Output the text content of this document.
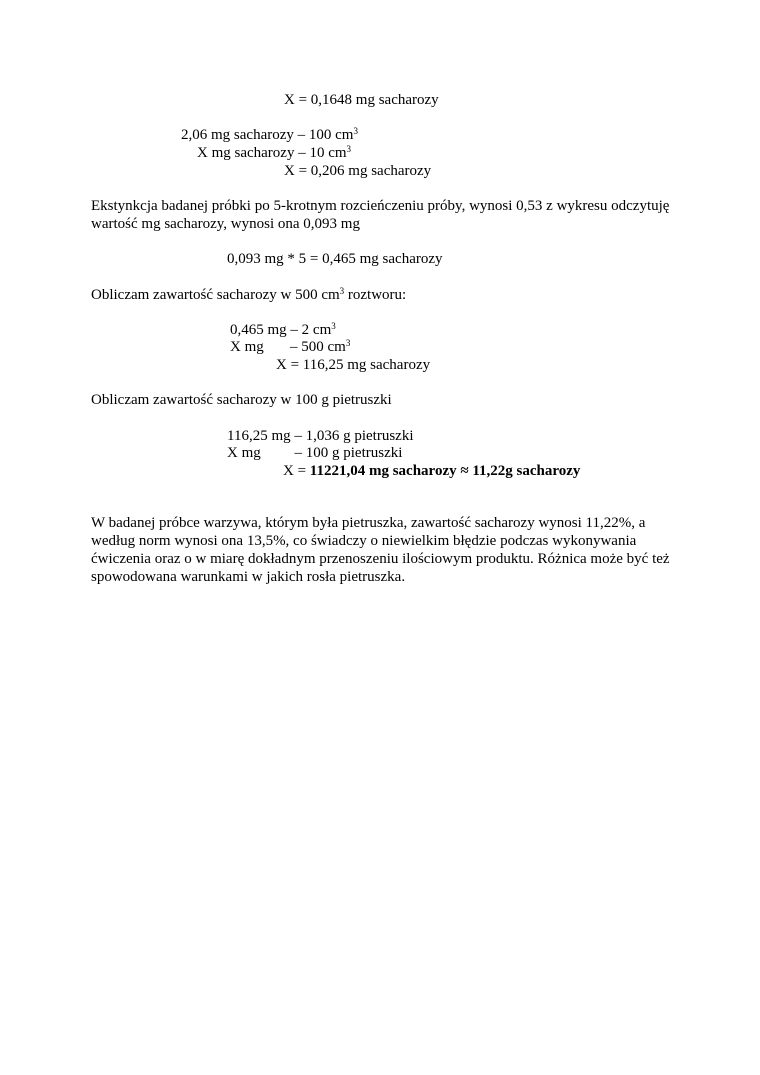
X = 0,1648 mg sacharozy
2,06 mg sacharozy – 100 $cm^3$
X mg sacharozy – 10 $cm^3$
X = 0,206 mg sacharozy
Ekstynkcja badanej próbki po 5-krotnym rozcieńczeniu próby, wynosi 0,53 z wykresu odczytuję wartość mg sacharozy, wynosi ona 0,093 mg
0,093 mg * 5 = 0,465 mg sacharozy
Obliczam zawartość sacharozy w 500 $cm^3$ roztworu:
0,465 mg – 2 $cm^3$
X mg       – 500 $cm^3$
X = 116,25 mg sacharozy
Obliczam zawartość sacharozy w 100 g pietruszki
116,25 mg – 1,036 g pietruszki
X mg         – 100 g pietruszki
X = 11221,04 mg sacharozy ≈ 11,22g sacharozy
W badanej próbce warzywa, którym była pietruszka, zawartość sacharozy wynosi 11,22%, a według norm wynosi ona 13,5%, co świadczy o niewielkim błędzie podczas wykonywania ćwiczenia oraz o w miarę dokładnym przenoszeniu ilościowym produktu. Różnica może być też spowodowana warunkami w jakich rosła pietruszka.
